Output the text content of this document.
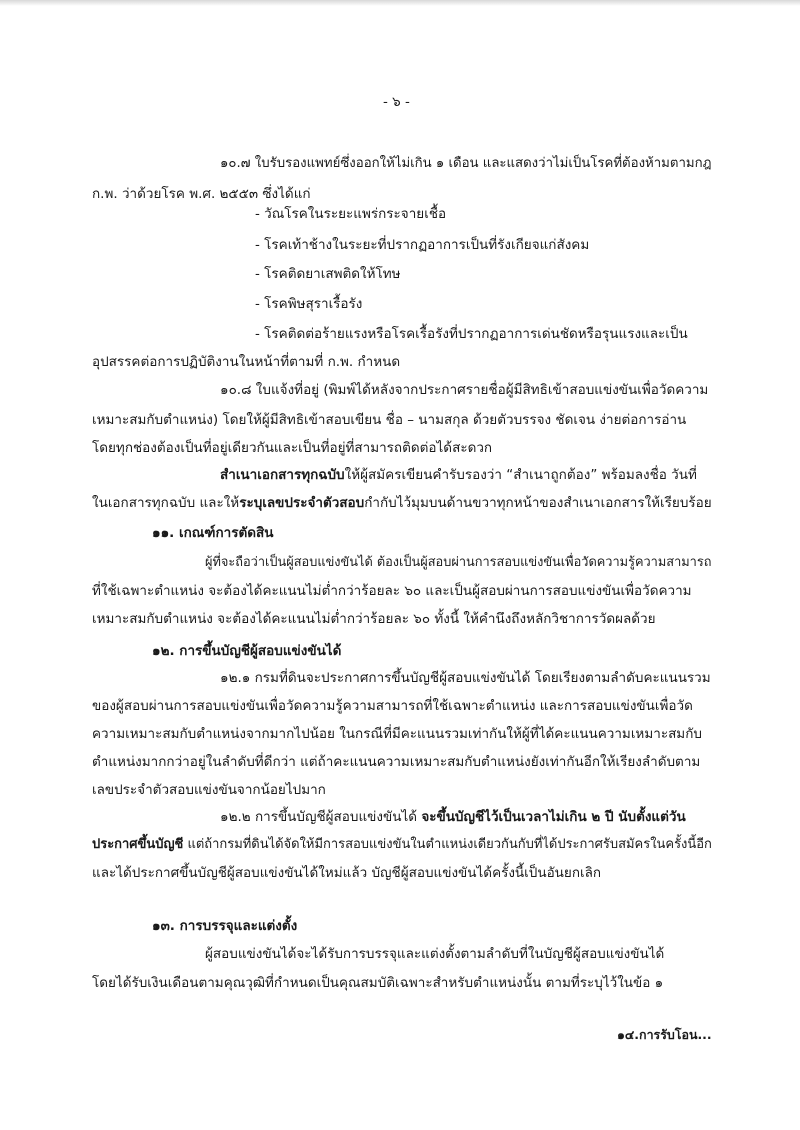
- ๖ -
๑๐.๗ ใบรับรองแพทย์ซึ่งออกให้ไม่เกิน ๑ เดือน และแสดงว่าไม่เป็นโรคที่ต้องห้ามตามกฎ
ก.พ. ว่าด้วยโรค พ.ศ. ๒๕๕๓ ซึ่งได้แก่
- วัณโรคในระยะแพร่กระจายเชื้อ
- โรคเท้าช้างในระยะที่ปรากฏอาการเป็นที่รังเกียจแก่สังคม
- โรคติดยาเสพติดให้โทษ
- โรคพิษสุราเรื้อรัง
- โรคติดต่อร้ายแรงหรือโรคเรื้อรังที่ปรากฏอาการเด่นชัดหรือรุนแรงและเป็น
อุปสรรคต่อการปฏิบัติงานในหน้าที่ตามที่ ก.พ. กำหนด
๑๐.๘ ใบแจ้งที่อยู่ (พิมพ์ได้หลังจากประกาศรายชื่อผู้มีสิทธิเข้าสอบแข่งขันเพื่อวัดความ
เหมาะสมกับตำแหน่ง) โดยให้ผู้มีสิทธิเข้าสอบเขียน ชื่อ – นามสกุล ด้วยตัวบรรจง ชัดเจน ง่ายต่อการอ่าน
โดยทุกช่องต้องเป็นที่อยู่เดียวกันและเป็นที่อยู่ที่สามารถติดต่อได้สะดวก
สำเนาเอกสารทุกฉบับให้ผู้สมัครเขียนคำรับรองว่า “สำเนาถูกต้อง” พร้อมลงชื่อ วันที่
ในเอกสารทุกฉบับ และให้ระบุเลขประจำตัวสอบกำกับไว้มุมบนด้านขวาทุกหน้าของสำเนาเอกสารให้เรียบร้อย
๑๑. เกณฑ์การตัดสิน
ผู้ที่จะถือว่าเป็นผู้สอบแข่งขันได้ ต้องเป็นผู้สอบผ่านการสอบแข่งขันเพื่อวัดความรู้ความสามารถ
ที่ใช้เฉพาะตำแหน่ง จะต้องได้คะแนนไม่ต่ำกว่าร้อยละ ๖๐ และเป็นผู้สอบผ่านการสอบแข่งขันเพื่อวัดความ
เหมาะสมกับตำแหน่ง จะต้องได้คะแนนไม่ต่ำกว่าร้อยละ ๖๐ ทั้งนี้ ให้คำนึงถึงหลักวิชาการวัดผลด้วย
๑๒. การขึ้นบัญชีผู้สอบแข่งขันได้
๑๒.๑ กรมที่ดินจะประกาศการขึ้นบัญชีผู้สอบแข่งขันได้ โดยเรียงตามลำดับคะแนนรวม
ของผู้สอบผ่านการสอบแข่งขันเพื่อวัดความรู้ความสามารถที่ใช้เฉพาะตำแหน่ง และการสอบแข่งขันเพื่อวัด
ความเหมาะสมกับตำแหน่งจากมากไปน้อย ในกรณีที่มีคะแนนรวมเท่ากันให้ผู้ที่ได้คะแนนความเหมาะสมกับ
ตำแหน่งมากกว่าอยู่ในลำดับที่ดีกว่า แต่ถ้าคะแนนความเหมาะสมกับตำแหน่งยังเท่ากันอีกให้เรียงลำดับตาม
เลขประจำตัวสอบแข่งขันจากน้อยไปมาก
๑๒.๒ การขึ้นบัญชีผู้สอบแข่งขันได้ จะขึ้นบัญชีไว้เป็นเวลาไม่เกิน ๒ ปี นับตั้งแต่วัน
ประกาศขึ้นบัญชี แต่ถ้ากรมที่ดินได้จัดให้มีการสอบแข่งขันในตำแหน่งเดียวกันกับที่ได้ประกาศรับสมัครในครั้งนี้อีก
และได้ประกาศขึ้นบัญชีผู้สอบแข่งขันได้ใหม่แล้ว บัญชีผู้สอบแข่งขันได้ครั้งนี้เป็นอันยกเลิก
๑๓. การบรรจุและแต่งตั้ง
ผู้สอบแข่งขันได้จะได้รับการบรรจุและแต่งตั้งตามลำดับที่ในบัญชีผู้สอบแข่งขันได้
โดยได้รับเงินเดือนตามคุณวุฒิที่กำหนดเป็นคุณสมบัติเฉพาะสำหรับตำแหน่งนั้น ตามที่ระบุไว้ในข้อ ๑
๑๔.การรับโอน...
